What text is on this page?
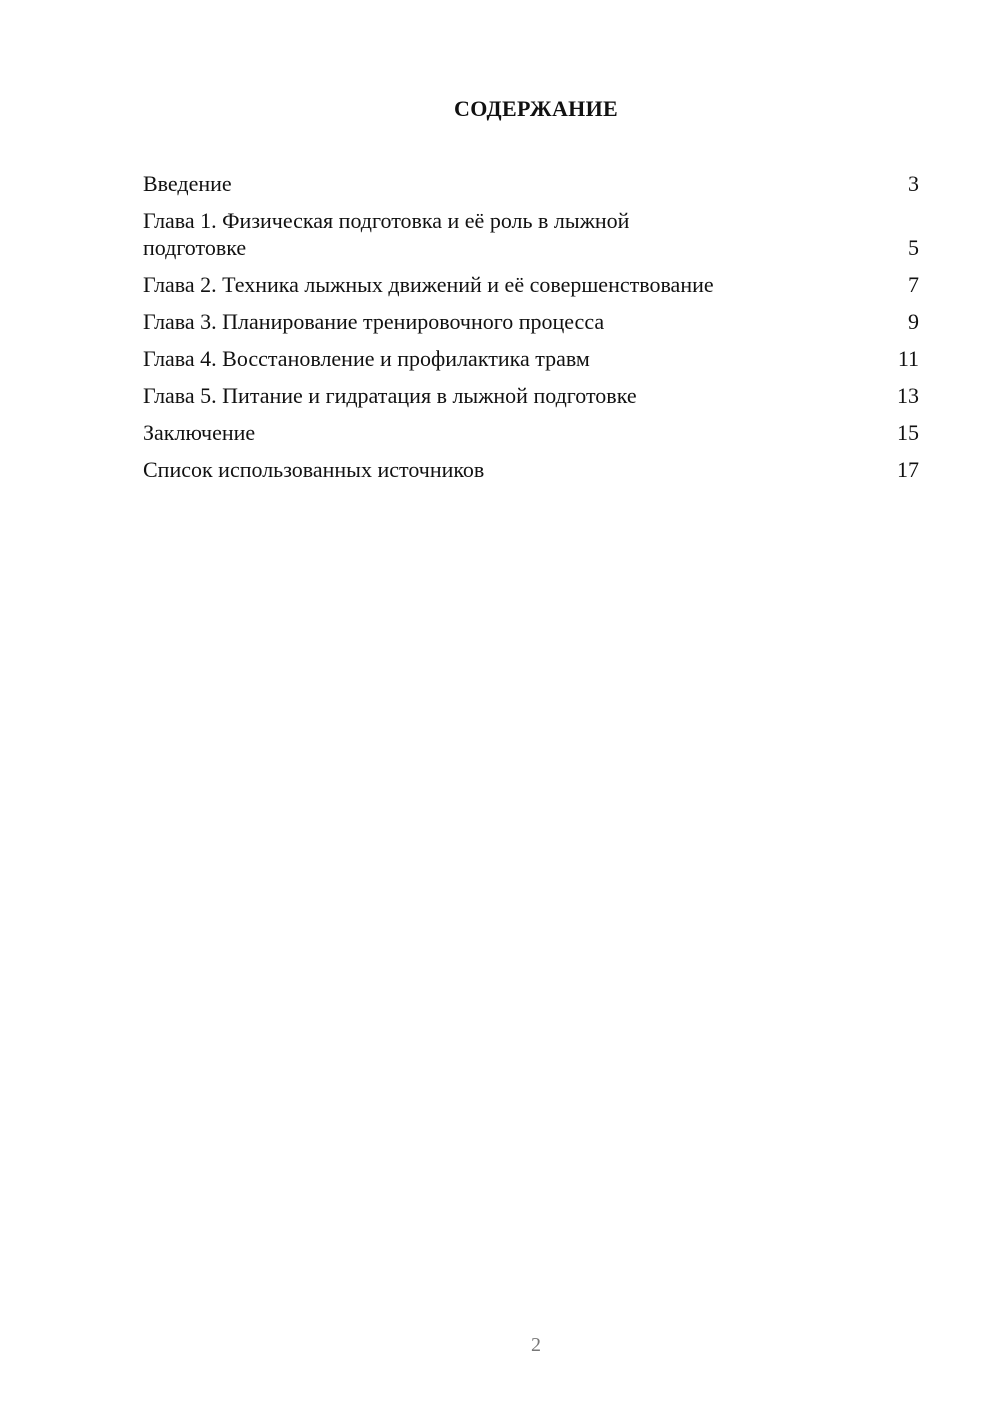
СОДЕРЖАНИЕ
Введение	3
Глава 1. Физическая подготовка и её роль в лыжной подготовке	5
Глава 2. Техника лыжных движений и её совершенствование	7
Глава 3. Планирование тренировочного процесса	9
Глава 4. Восстановление и профилактика травм	11
Глава 5. Питание и гидратация в лыжной подготовке	13
Заключение	15
Список использованных источников	17
2
